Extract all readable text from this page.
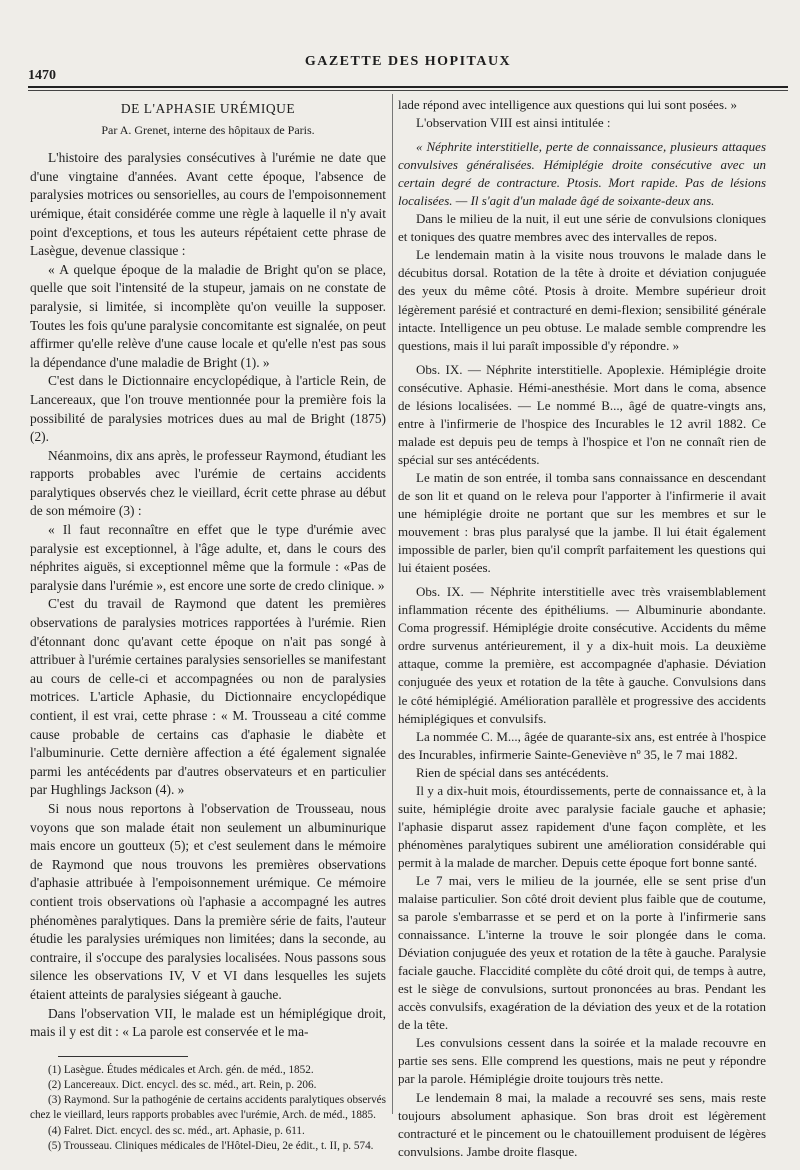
1470
GAZETTE DES HOPITAUX

DE L'APHASIE URÉMIQUE

Par A. Grenet, interne des hôpitaux de Paris.

L'histoire des paralysies consécutives à l'urémie ne date que d'une vingtaine d'années. Avant cette époque, l'absence de paralysies motrices ou sensorielles, au cours de l'empoisonnement urémique, était considérée comme une règle à laquelle il n'y avait point d'exceptions, et tous les auteurs répétaient cette phrase de Lasègue, devenue classique :

« A quelque époque de la maladie de Bright qu'on se place, quelle que soit l'intensité de la stupeur, jamais on ne constate de paralysie, si limitée, si incomplète qu'on veuille la supposer. Toutes les fois qu'une paralysie concomitante est signalée, on peut affirmer qu'elle relève d'une cause locale et qu'elle n'est pas sous la dépendance d'une maladie de Bright (1). »

C'est dans le Dictionnaire encyclopédique, à l'article Rein, de Lancereaux, que l'on trouve mentionnée pour la première fois la possibilité de paralysies motrices dues au mal de Bright (1875) (2).

Néanmoins, dix ans après, le professeur Raymond, étudiant les rapports probables avec l'urémie de certains accidents paralytiques observés chez le vieillard, écrit cette phrase au début de son mémoire (3) :

« Il faut reconnaître en effet que le type d'urémie avec paralysie est exceptionnel, à l'âge adulte, et, dans le cours des néphrites aiguës, si exceptionnel même que la formule : «Pas de paralysie dans l'urémie », est encore une sorte de credo clinique. »

C'est du travail de Raymond que datent les premières observations de paralysies motrices rapportées à l'urémie. Rien d'étonnant donc qu'avant cette époque on n'ait pas songé à attribuer à l'urémie certaines paralysies sensorielles se manifestant au cours de celle-ci et accompagnées ou non de paralysies motrices. L'article Aphasie, du Dictionnaire encyclopédique contient, il est vrai, cette phrase : « M. Trousseau a cité comme cause probable de certains cas d'aphasie le diabète et l'albuminurie. Cette dernière affection a été également signalée parmi les antécédents par d'autres observateurs et en particulier par Hughlings Jackson (4). »

Si nous nous reportons à l'observation de Trousseau, nous voyons que son malade était non seulement un albuminurique mais encore un goutteux (5); et c'est seulement dans le mémoire de Raymond que nous trouvons les premières observations d'aphasie attribuée à l'empoisonnement urémique. Ce mémoire contient trois observations où l'aphasie a accompagné les autres phénomènes paralytiques. Dans la première série de faits, l'auteur étudie les paralysies urémiques non limitées; dans la seconde, au contraire, il s'occupe des paralysies localisées. Nous passons sous silence les observations IV, V et VI dans lesquelles les sujets étaient atteints de paralysies siégeant à gauche.

Dans l'observation VII, le malade est un hémiplégique droit, mais il y est dit : « La parole est conservée et le ma-

(1) Lasègue. Études médicales et Arch. gén. de méd., 1852.

(2) Lancereaux. Dict. encycl. des sc. méd., art. Rein, p. 206.

(3) Raymond. Sur la pathogénie de certains accidents paralytiques observés chez le vieillard, leurs rapports probables avec l'urémie, Arch. de méd., 1885.

(4) Falret. Dict. encycl. des sc. méd., art. Aphasie, p. 611.

(5) Trousseau. Cliniques médicales de l'Hôtel-Dieu, 2e édit., t. II, p. 574.

lade répond avec intelligence aux questions qui lui sont posées. »

L'observation VIII est ainsi intitulée :

« Néphrite interstitielle, perte de connaissance, plusieurs attaques convulsives généralisées. Hémiplégie droite consécutive avec un certain degré de contracture. Ptosis. Mort rapide. Pas de lésions localisées. — Il s'agit d'un malade âgé de soixante-deux ans.

Dans le milieu de la nuit, il eut une série de convulsions cloniques et toniques des quatre membres avec des intervalles de repos.

Le lendemain matin à la visite nous trouvons le malade dans le décubitus dorsal. Rotation de la tête à droite et déviation conjuguée des yeux du même côté. Ptosis à droite. Membre supérieur droit légèrement parésié et contracturé en demi-flexion; sensibilité générale intacte. Intelligence un peu obtuse. Le malade semble comprendre les questions, mais il lui paraît impossible d'y répondre. »

Obs. IX. — Néphrite interstitielle. Apoplexie. Hémiplégie droite consécutive. Aphasie. Hémi-anesthésie. Mort dans le coma, absence de lésions localisées. — Le nommé B..., âgé de quatre-vingts ans, entre à l'infirmerie de l'hospice des Incurables le 12 avril 1882. Ce malade est depuis peu de temps à l'hospice et l'on ne connaît rien de spécial sur ses antécédents.

Le matin de son entrée, il tomba sans connaissance en descendant de son lit et quand on le releva pour l'apporter à l'infirmerie il avait une hémiplégie droite ne portant que sur les membres et sur le mouvement : bras plus paralysé que la jambe. Il lui était également impossible de parler, bien qu'il comprît parfaitement les questions qui lui étaient posées.

Obs. IX. — Néphrite interstitielle avec très vraisemblablement inflammation récente des épithéliums. — Albuminurie abondante. Coma progressif. Hémiplégie droite consécutive. Accidents du même ordre survenus antérieurement, il y a dix-huit mois. La deuxième attaque, comme la première, est accompagnée d'aphasie. Déviation conjuguée des yeux et rotation de la tête à gauche. Convulsions dans le côté hémiplégié. Amélioration parallèle et progressive des accidents hémiplégiques et convulsifs.

La nommée C. M..., âgée de quarante-six ans, est entrée à l'hospice des Incurables, infirmerie Sainte-Geneviève nº 35, le 7 mai 1882.

Rien de spécial dans ses antécédents.

Il y a dix-huit mois, étourdissements, perte de connaissance et, à la suite, hémiplégie droite avec paralysie faciale gauche et aphasie; l'aphasie disparut assez rapidement d'une façon complète, et les phénomènes paralytiques subirent une amélioration considérable qui permit à la malade de marcher. Depuis cette époque fort bonne santé.

Le 7 mai, vers le milieu de la journée, elle se sent prise d'un malaise particulier. Son côté droit devient plus faible que de coutume, sa parole s'embarrasse et se perd et on la porte à l'infirmerie sans connaissance. L'interne la trouve le soir plongée dans le coma. Déviation conjuguée des yeux et rotation de la tête à gauche. Paralysie faciale gauche. Flaccidité complète du côté droit qui, de temps à autre, est le siège de convulsions, surtout prononcées au bras. Pendant les accès convulsifs, exagération de la déviation des yeux et de la rotation de la tête.

Les convulsions cessent dans la soirée et la malade recouvre en partie ses sens. Elle comprend les questions, mais ne peut y répondre par la parole. Hémiplégie droite toujours très nette.

Le lendemain 8 mai, la malade a recouvré ses sens, mais reste toujours absolument aphasique. Son bras droit est légèrement contracturé et le pincement ou le chatouillement produisent de légères convulsions. Jambe droite flasque.
